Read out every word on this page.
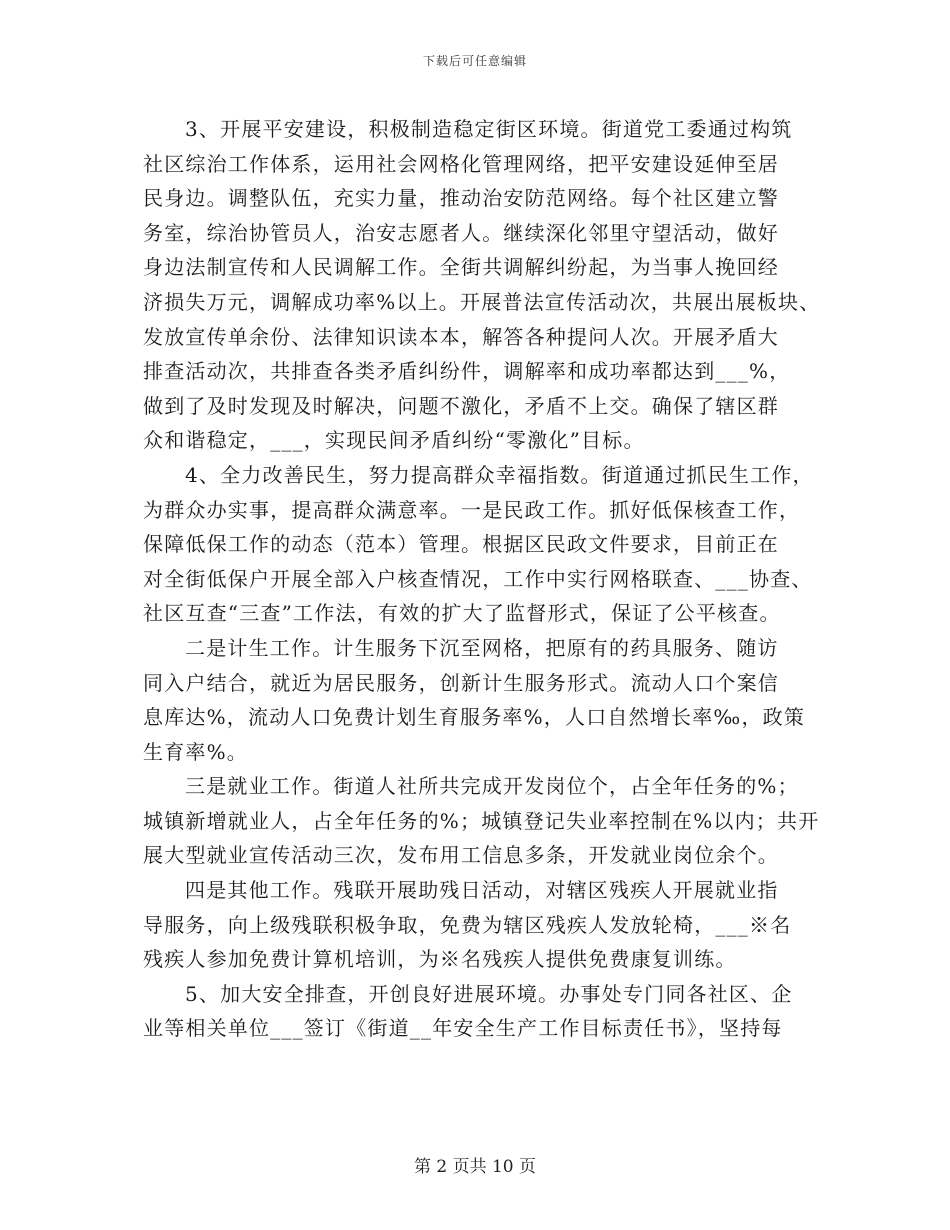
下载后可任意编辑
3、开展平安建设，积极制造稳定街区环境。街道党工委通过构筑
社区综治工作体系，运用社会网格化管理网络，把平安建设延伸至居
民身边。调整队伍，充实力量，推动治安防范网络。每个社区建立警
务室，综治协管员人，治安志愿者人。继续深化邻里守望活动，做好
身边法制宣传和人民调解工作。全街共调解纠纷起，为当事人挽回经
济损失万元，调解成功率%以上。开展普法宣传活动次，共展出展板块、
发放宣传单余份、法律知识读本本，解答各种提问人次。开展矛盾大
排查活动次，共排查各类矛盾纠纷件，调解率和成功率都达到___%，
做到了及时发现及时解决，问题不激化，矛盾不上交。确保了辖区群
众和谐稳定，___，实现民间矛盾纠纷“零激化”目标。
4、全力改善民生，努力提高群众幸福指数。街道通过抓民生工作，
为群众办实事，提高群众满意率。一是民政工作。抓好低保核查工作，
保障低保工作的动态（范本）管理。根据区民政文件要求，目前正在
对全街低保户开展全部入户核查情况，工作中实行网格联查、___协查、
社区互查“三查”工作法，有效的扩大了监督形式，保证了公平核查。
二是计生工作。计生服务下沉至网格，把原有的药具服务、随访
同入户结合，就近为居民服务，创新计生服务形式。流动人口个案信
息库达%，流动人口免费计划生育服务率%，人口自然增长率‰，政策
生育率%。
三是就业工作。街道人社所共完成开发岗位个，占全年任务的%；
城镇新增就业人，占全年任务的%；城镇登记失业率控制在%以内；共开
展大型就业宣传活动三次，发布用工信息多条，开发就业岗位余个。
四是其他工作。残联开展助残日活动，对辖区残疾人开展就业指
导服务，向上级残联积极争取，免费为辖区残疾人发放轮椅，___※名
残疾人参加免费计算机培训，为※名残疾人提供免费康复训练。
5、加大安全排查，开创良好进展环境。办事处专门同各社区、企
业等相关单位___签订《街道__年安全生产工作目标责任书》，坚持每
第 2 页共 10 页
